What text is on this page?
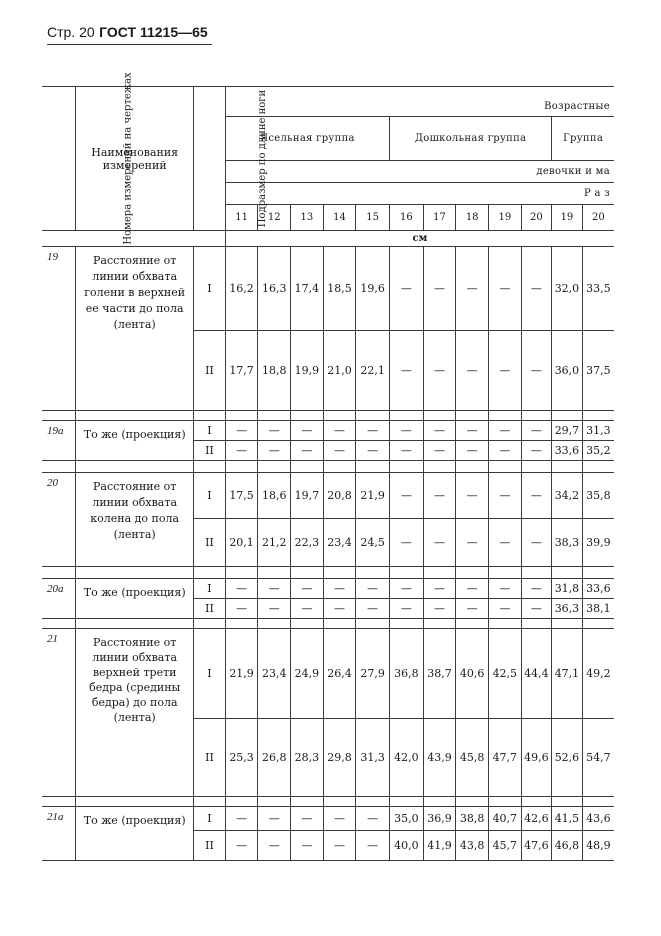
Стр. 20 ГОСТ 11215—65
Номера измерений на чертежах	Наименования измерений	Подразмер по длине ноги	Возрастные											
			Ясельная группа					Дошкольная группа					Группа	
			девочки и ма											
			Р а з											
			11	12	13	14	15	16	17	18	19	20	19	20
			см											
19	Расстояние от линии обхвата голени в верхней ее части до пола (лента)	I	16,2	16,3	17,4	18,5	19,6	—	—	—	—	—	32,0	33,5
		II	17,7	18,8	19,9	21,0	22,1	—	—	—	—	—	36,0	37,5

19а	То же (проекция)	I	—	—	—	—	—	—	—	—	—	—	29,7	31,3
		II	—	—	—	—	—	—	—	—	—	—	33,6	35,2

20	Расстояние от линии обхвата колена до пола (лента)	I	17,5	18,6	19,7	20,8	21,9	—	—	—	—	—	34,2	35,8
		II	20,1	21,2	22,3	23,4	24,5	—	—	—	—	—	38,3	39,9

20а	То же (проекция)	I	—	—	—	—	—	—	—	—	—	—	31,8	33,6
		II	—	—	—	—	—	—	—	—	—	—	36,3	38,1

21	Расстояние от линии обхвата верхней трети бедра (средины бедра) до пола (лента)	I	21,9	23,4	24,9	26,4	27,9	36,8	38,7	40,6	42,5	44,4	47,1	49,2
		II	25,3	26,8	28,3	29,8	31,3	42,0	43,9	45,8	47,7	49,6	52,6	54,7

21а	То же (проекция)	I	—	—	—	—	—	35,0	36,9	38,8	40,7	42,6	41,5	43,6
		II	—	—	—	—	—	40,0	41,9	43,8	45,7	47,6	46,8	48,9
